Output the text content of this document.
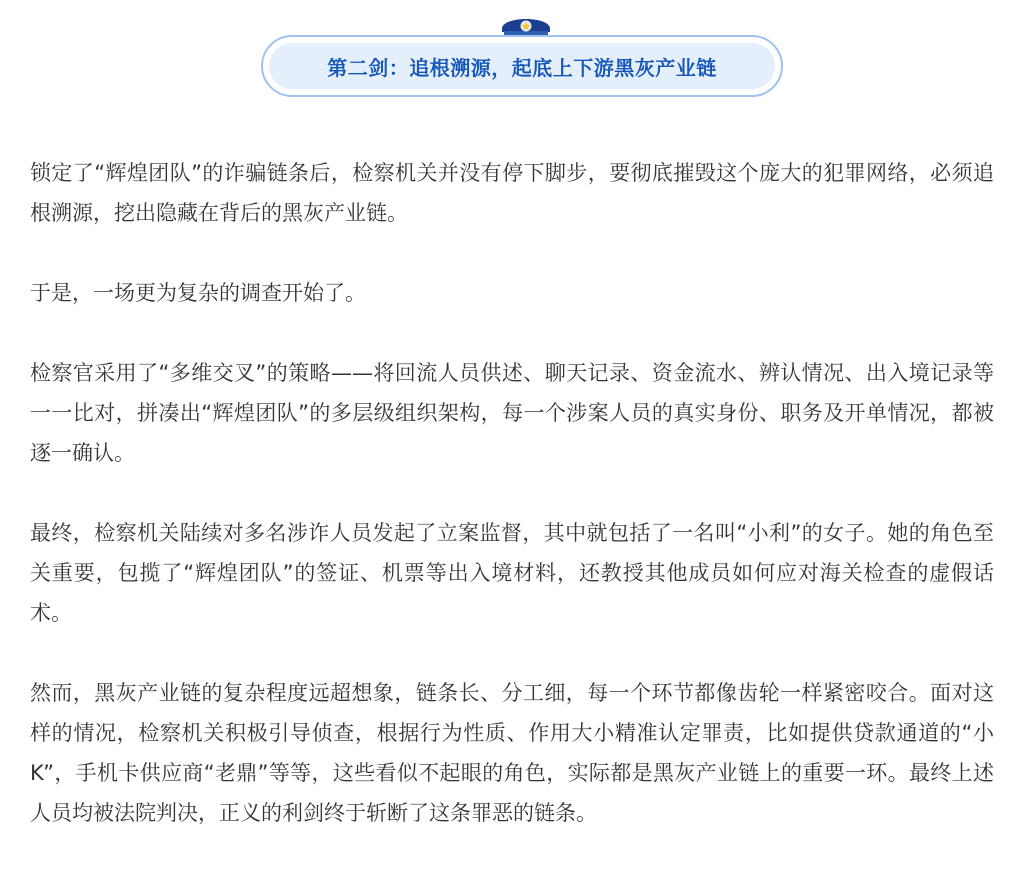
第二剑：追根溯源，起底上下游黑灰产业链

锁定了“辉煌团队”的诈骗链条后，检察机关并没有停下脚步，要彻底摧毁这个庞大的犯罪网络，必须追根溯源，挖出隐藏在背后的黑灰产业链。

于是，一场更为复杂的调查开始了。

检察官采用了“多维交叉”的策略——将回流人员供述、聊天记录、资金流水、辨认情况、出入境记录等一一比对，拼凑出“辉煌团队”的多层级组织架构，每一个涉案人员的真实身份、职务及开单情况，都被逐一确认。

最终，检察机关陆续对多名涉诈人员发起了立案监督，其中就包括了一名叫“小利”的女子。她的角色至关重要，包揽了“辉煌团队”的签证、机票等出入境材料，还教授其他成员如何应对海关检查的虚假话术。

然而，黑灰产业链的复杂程度远超想象，链条长、分工细，每一个环节都像齿轮一样紧密咬合。面对这样的情况，检察机关积极引导侦查，根据行为性质、作用大小精准认定罪责，比如提供贷款通道的“小K”，手机卡供应商“老鼎”等等，这些看似不起眼的角色，实际都是黑灰产业链上的重要一环。最终上述人员均被法院判决，正义的利剑终于斩断了这条罪恶的链条。
